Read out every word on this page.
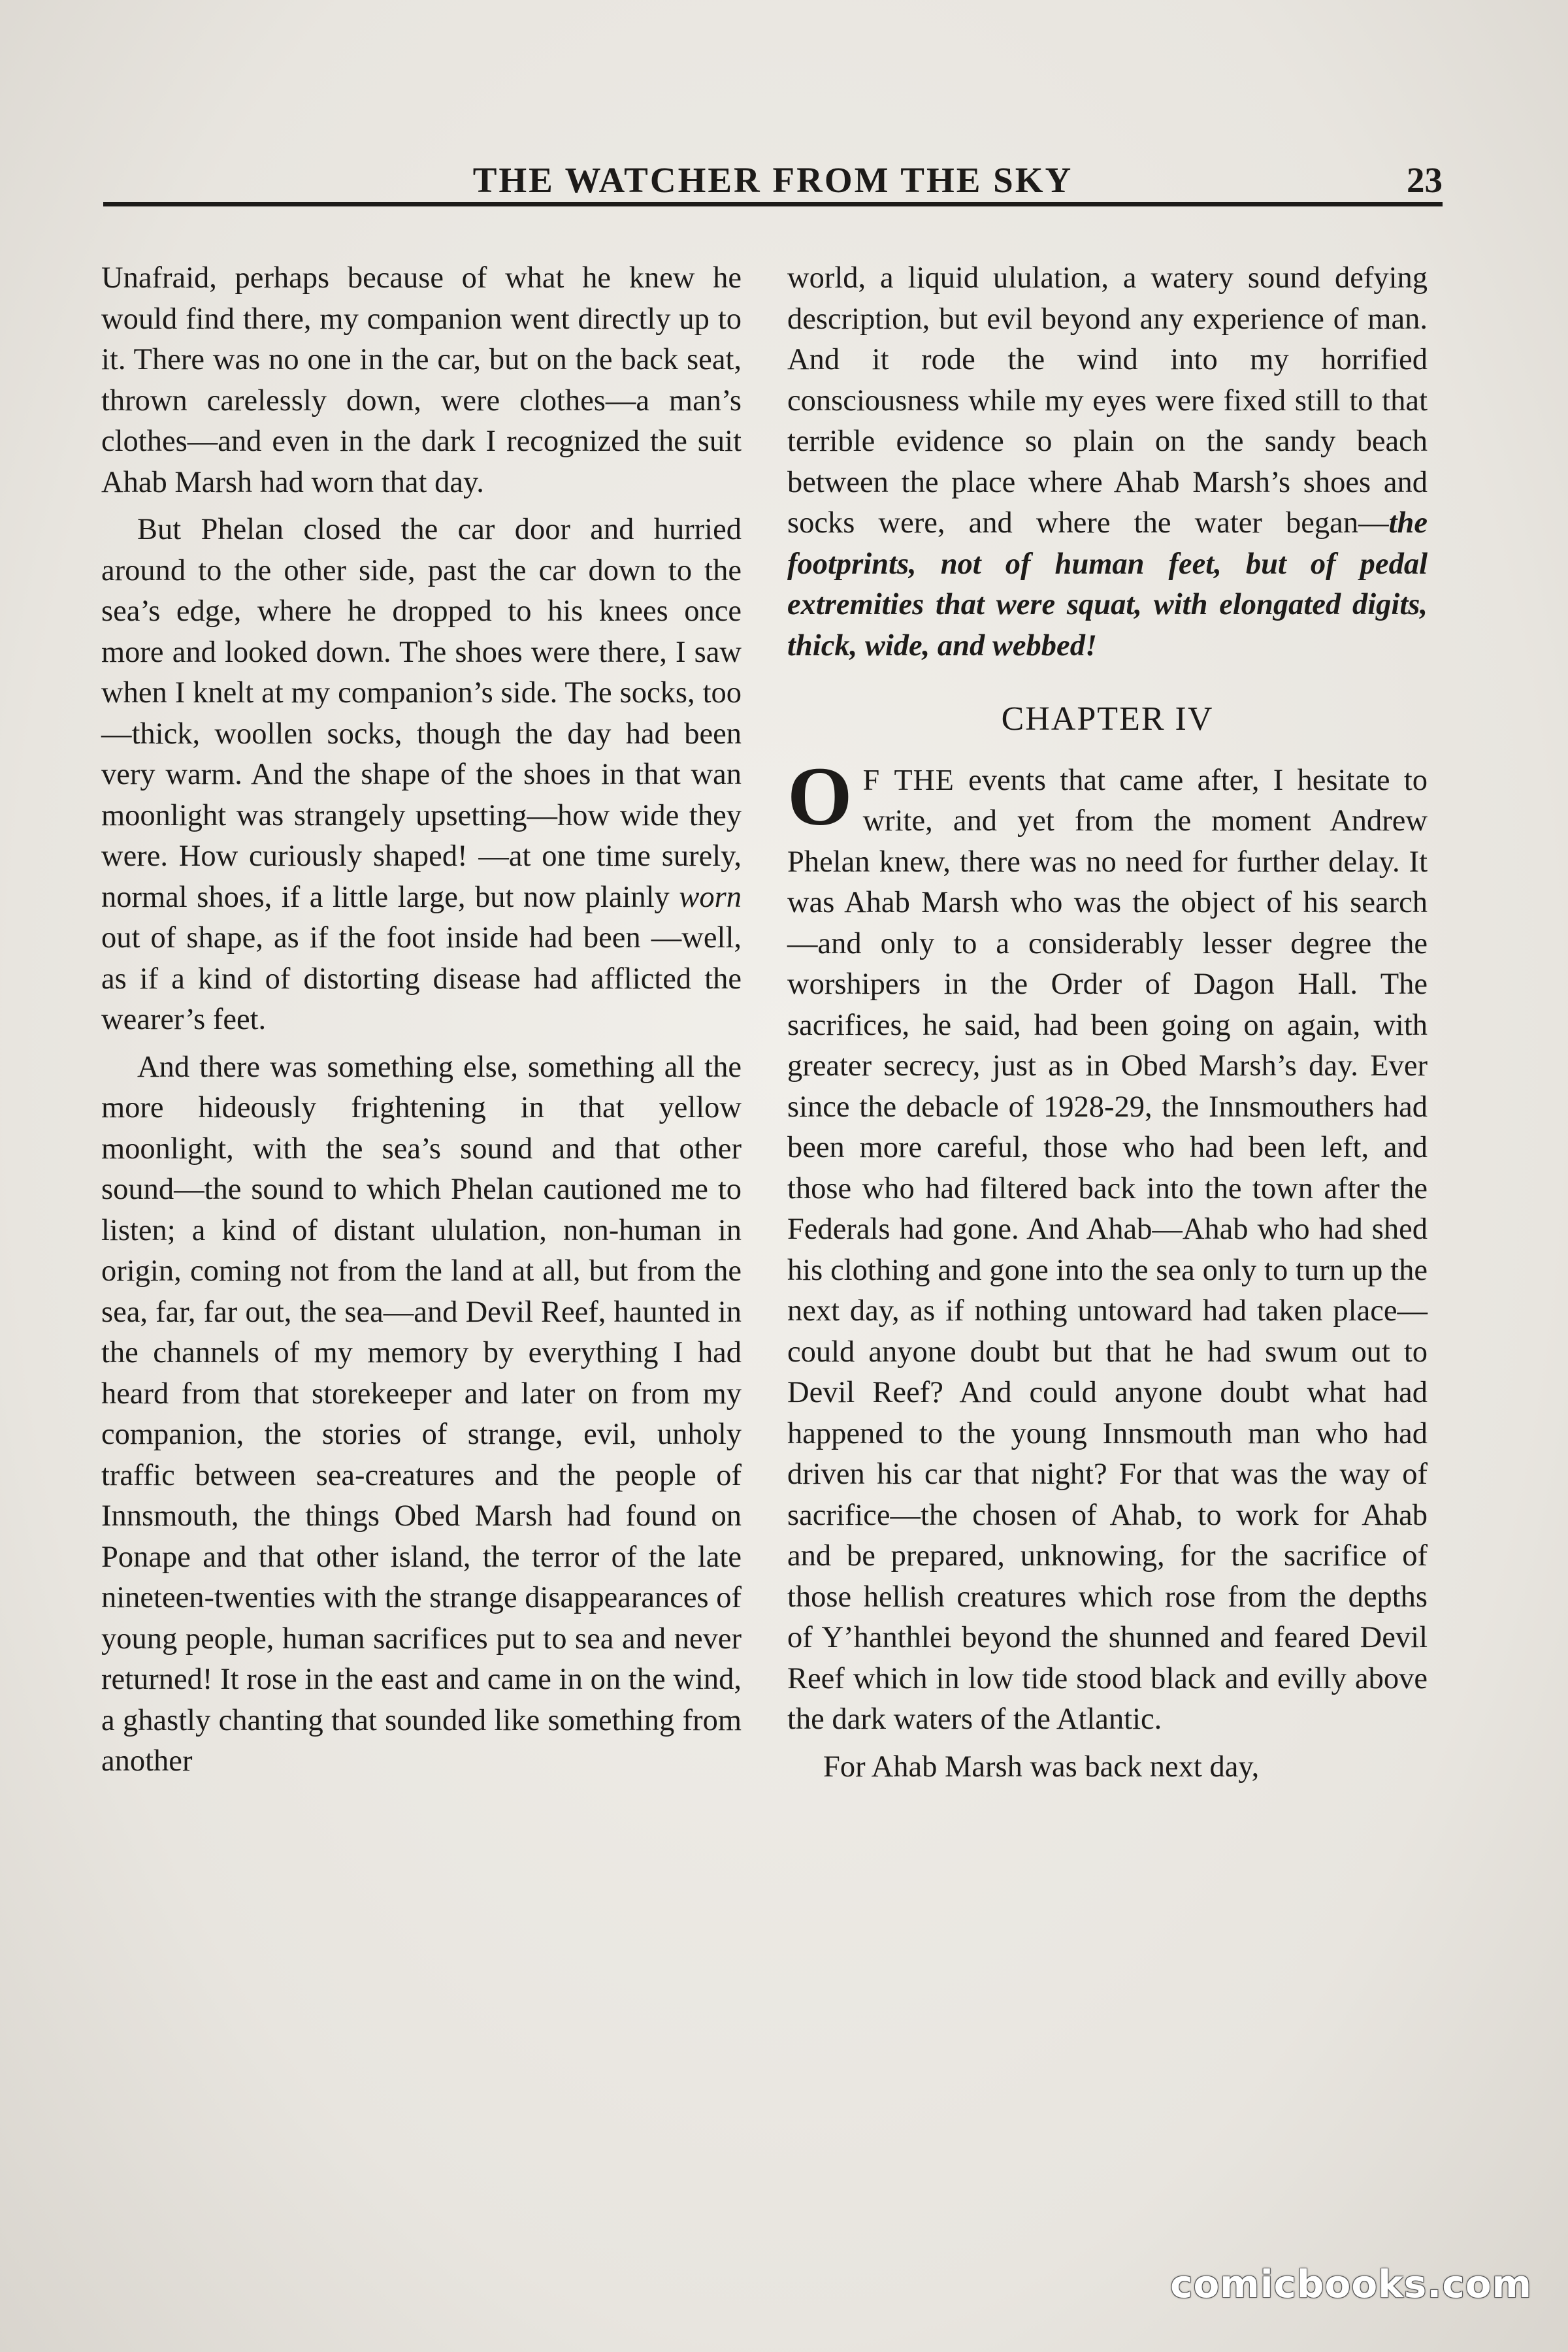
THE WATCHER FROM THE SKY	23

Unafraid, perhaps because of what he knew he would find there, my companion went directly up to it. There was no one in the car, but on the back seat, thrown carelessly down, were clothes—a man’s clothes—and even in the dark I recognized the suit Ahab Marsh had worn that day.

But Phelan closed the car door and hurried around to the other side, past the car down to the sea’s edge, where he dropped to his knees once more and looked down. The shoes were there, I saw when I knelt at my companion’s side. The socks, too—thick, woollen socks, though the day had been very warm. And the shape of the shoes in that wan moonlight was strangely upsetting—how wide they were. How curiously shaped! —at one time surely, normal shoes, if a little large, but now plainly worn out of shape, as if the foot inside had been —well, as if a kind of distorting disease had afflicted the wearer’s feet.

And there was something else, something all the more hideously frightening in that yellow moonlight, with the sea’s sound and that other sound—the sound to which Phelan cautioned me to listen; a kind of distant ululation, non-human in origin, coming not from the land at all, but from the sea, far, far out, the sea—and Devil Reef, haunted in the channels of my memory by everything I had heard from that storekeeper and later on from my companion, the stories of strange, evil, unholy traffic between sea-creatures and the people of Innsmouth, the things Obed Marsh had found on Ponape and that other island, the terror of the late nineteen-twenties with the strange disappearances of young people, human sacrifices put to sea and never returned! It rose in the east and came in on the wind, a ghastly chanting that sounded like something from another

world, a liquid ululation, a watery sound defying description, but evil beyond any experience of man. And it rode the wind into my horrified consciousness while my eyes were fixed still to that terrible evidence so plain on the sandy beach between the place where Ahab Marsh’s shoes and socks were, and where the water began—the footprints, not of human feet, but of pedal extremities that were squat, with elongated digits, thick, wide, and webbed!

CHAPTER IV

O F THE events that came after, I hesitate to write, and yet from the moment Andrew Phelan knew, there was no need for further delay. It was Ahab Marsh who was the object of his search —and only to a considerably lesser degree the worshipers in the Order of Dagon Hall. The sacrifices, he said, had been going on again, with greater secrecy, just as in Obed Marsh’s day. Ever since the debacle of 1928-29, the Innsmouthers had been more careful, those who had been left, and those who had filtered back into the town after the Federals had gone. And Ahab—Ahab who had shed his clothing and gone into the sea only to turn up the next day, as if nothing untoward had taken place—could anyone doubt but that he had swum out to Devil Reef? And could anyone doubt what had happened to the young Innsmouth man who had driven his car that night? For that was the way of sacrifice—the chosen of Ahab, to work for Ahab and be prepared, unknowing, for the sacrifice of those hellish creatures which rose from the depths of Y’hanthlei beyond the shunned and feared Devil Reef which in low tide stood black and evilly above the dark waters of the Atlantic.

For Ahab Marsh was back next day,

comicbooks.com
